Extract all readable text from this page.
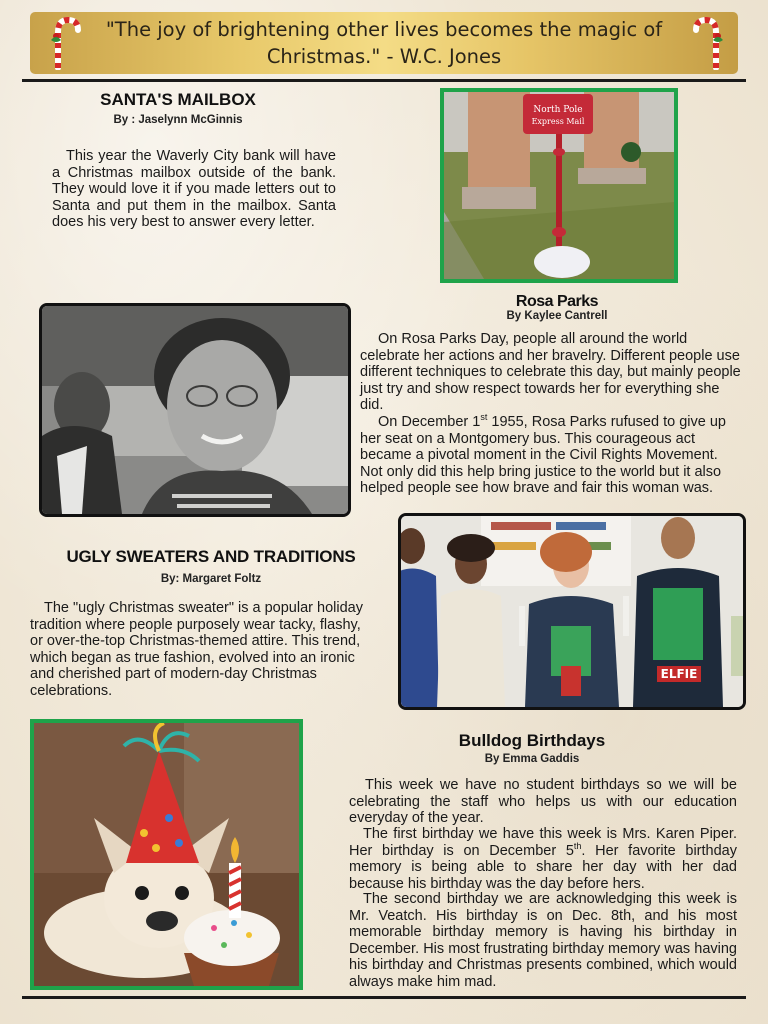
"The joy of brightening other lives becomes the magic of Christmas." - W.C. Jones
SANTA'S MAILBOX
By : Jaselynn McGinnis
This year the Waverly City bank will have a Christmas mailbox outside of the bank. They would love it if you made letters out to Santa and put them in the mailbox. Santa does his very best to answer every letter.
North Pole
Express Mail
Rosa Parks
By Kaylee Cantrell
On Rosa Parks Day, people all around the world celebrate her actions and her bravelry. Different people use different techniques to celebrate this day, but mainly people just try and show respect towards her for everything she did.
On December 1st 1955, Rosa Parks rufused to give up her seat on a Montgomery bus. This courageous act became a pivotal moment in the Civil Rights Movement. Not only did this help bring justice to the world but it also helped people see how brave and fair this woman was.
ELFIE
UGLY SWEATERS AND TRADITIONS
By: Margaret Foltz
The "ugly Christmas sweater" is a popular holiday tradition where people purposely wear tacky, flashy, or over-the-top Christmas-themed attire. This trend, which began as true fashion, evolved into an ironic and cherished part of modern-day Christmas celebrations.
Bulldog Birthdays
By Emma Gaddis
This week we have no student birthdays so we will be celebrating the staff who helps us with our education everyday of the year.
The first birthday we have this week is Mrs. Karen Piper. Her birthday is on December 5th. Her favorite birthday memory is being able to share her day with her dad because his birthday was the day before hers.
The second birthday we are acknowledging this week is Mr. Veatch. His birthday is on Dec. 8th, and his most memorable birthday memory is having his birthday in December. His most frustrating birthday memory was having his birthday and Christmas presents combined, which would always make him mad.
